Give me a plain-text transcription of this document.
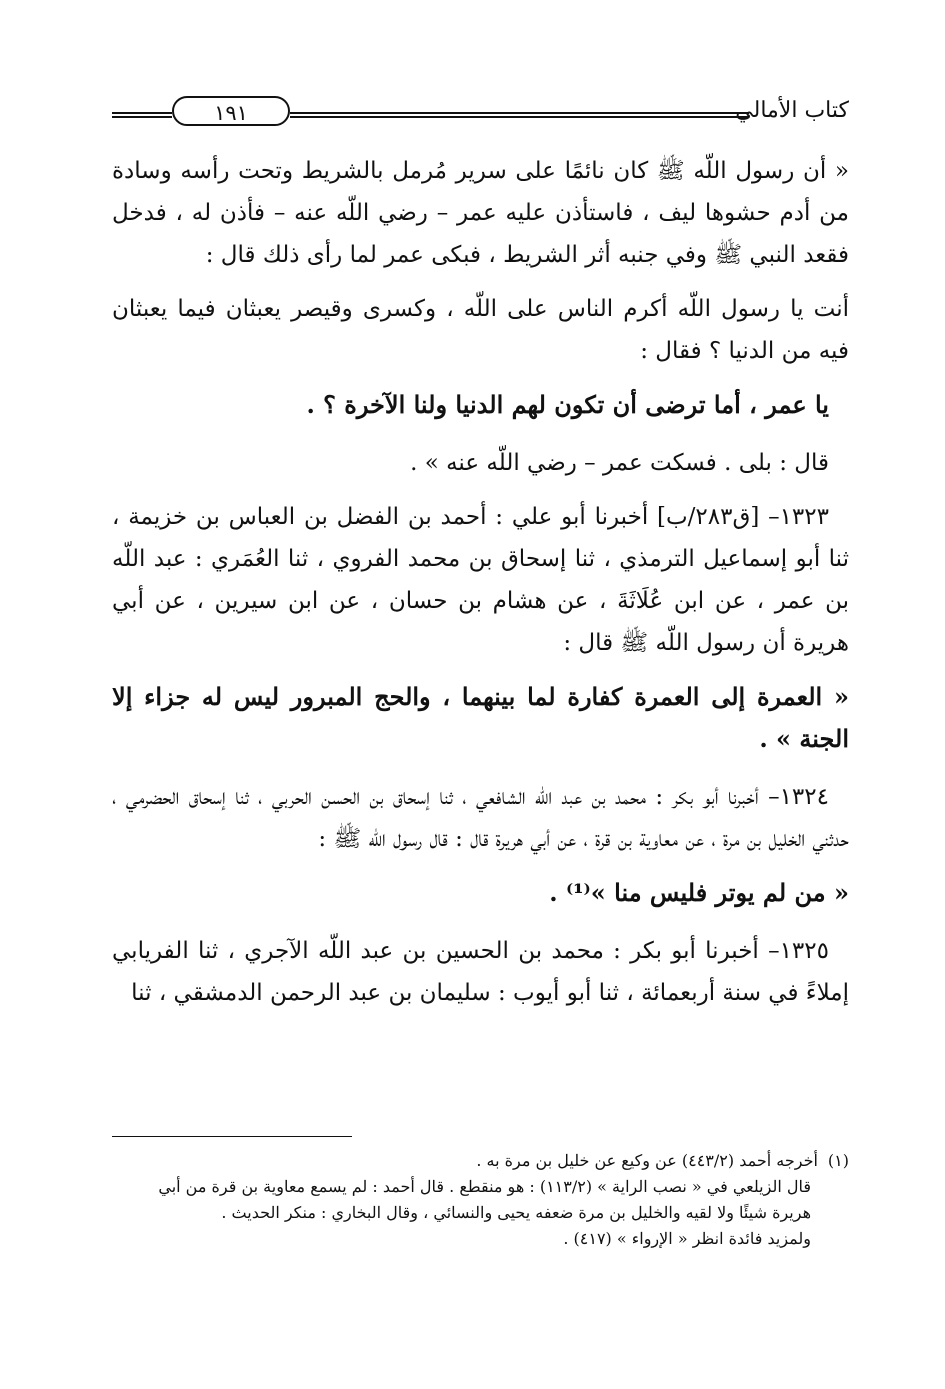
كتاب الأمالي
١٩١

« أن رسول اللّه ﷺ كان نائمًا على سرير مُرمل بالشريط وتحت رأسه وسادة من أدم حشوها ليف ، فاستأذن عليه عمر – رضي اللّه عنه – فأذن له ، فدخل فقعد النبي ﷺ وفي جنبه أثر الشريط ، فبكى عمر لما رأى ذلك قال :

أنت يا رسول اللّه أكرم الناس على اللّه ، وكسرى وقيصر يعبثان فيما يعبثان فيه من الدنيا ؟ فقال :

يا عمر ، أما ترضى أن تكون لهم الدنيا ولنا الآخرة ؟ .

قال : بلى . فسكت عمر – رضي اللّه عنه » .

١٣٢٣– [ق٢٨٣/ب] أخبرنا أبو علي : أحمد بن الفضل بن العباس بن خزيمة ، ثنا أبو إسماعيل الترمذي ، ثنا إسحاق بن محمد الفروي ، ثنا العُمَري : عبد اللّه بن عمر ، عن ابن عُلَاثَةَ ، عن هشام بن حسان ، عن ابن سيرين ، عن أبي هريرة أن رسول اللّه ﷺ قال :

« العمرة إلى العمرة كفارة لما بينهما ، والحج المبرور ليس له جزاء إلا الجنة » .

١٣٢٤– أخبرنا أبو بكر : محمد بن عبد اللّه الشافعي ، ثنا إسحاق بن الحسن الحربي ، ثنا إسحاق الحضرمي ، حدثني الخليل بن مرة ، عن معاوية بن قرة ، عن أبي هريرة قال : قال رسول اللّه ﷺ :

« من لم يوتر فليس منا »⁽¹⁾ .

١٣٢٥– أخبرنا أبو بكر : محمد بن الحسين بن عبد اللّه الآجري ، ثنا الفريابي إملاءً في سنة أربعمائة ، ثنا أبو أيوب : سليمان بن عبد الرحمن الدمشقي ، ثنا

(١)أخرجه أحمد (٤٤٣/٢) عن وكيع عن خليل بن مرة به .

قال الزيلعي في « نصب الراية » (١١٣/٢) : هو منقطع . قال أحمد : لم يسمع معاوية بن قرة من أبي

هريرة شيئًا ولا لقيه والخليل بن مرة ضعفه يحيى والنسائي ، وقال البخاري : منكر الحديث .

ولمزيد فائدة انظر « الإرواء » (٤١٧) .
